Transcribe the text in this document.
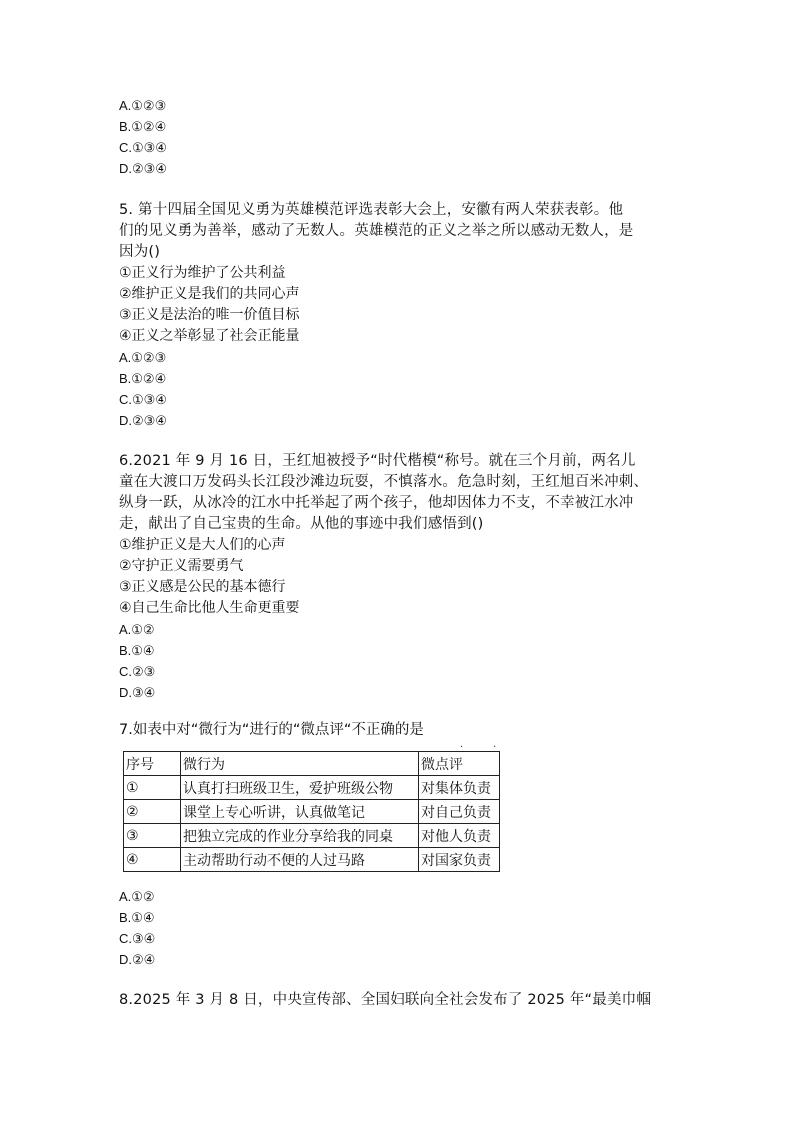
A.①②③
B.①②④
C.①③④
D.②③④
5. 第十四届全国见义勇为英雄模范评选表彰大会上，安徽有两人荣获表彰。他
们的见义勇为善举，感动了无数人。英雄模范的正义之举之所以感动无数人，是
因为()
①正义行为维护了公共利益
②维护正义是我们的共同心声
③正义是法治的唯一价值目标
④正义之举彰显了社会正能量
A.①②③
B.①②④
C.①③④
D.②③④
6.2021 年 9 月 16 日，王红旭被授予“时代楷模“称号。就在三个月前，两名儿
童在大渡口万发码头长江段沙滩边玩耍，不慎落水。危急时刻，王红旭百米冲刺、
纵身一跃，从冰冷的江水中托举起了两个孩子，他却因体力不支，不幸被江水冲
走，献出了自己宝贵的生命。从他的事迹中我们感悟到()
①维护正义是大人们的心声
②守护正义需要勇气
③正义感是公民的基本德行
④自己生命比他人生命更重要
A.①②
B.①④
C.②③
D.③④
7.如表中对“微行为“进行的“微点评“不正确的是
··
序号	微行为	微点评
①	认真打扫班级卫生，爱护班级公物	对集体负责
②	课堂上专心听讲，认真做笔记	对自己负责
③	把独立完成的作业分享给我的同桌	对他人负责
④	主动帮助行动不便的人过马路	对国家负责
A.①②
B.①④
C.③④
D.②④
8.2025 年 3 月 8 日，中央宣传部、全国妇联向全社会发布了 2025 年“最美巾帼
